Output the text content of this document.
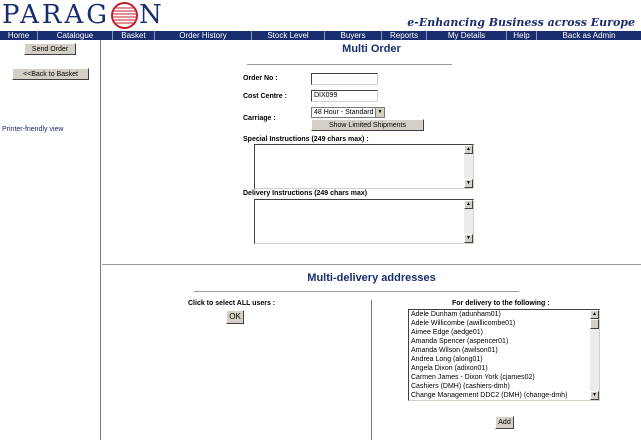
PARAG N	e-Enhancing Business across Europe
Home	Catalogue	Basket	Order History	Stock Level	Buyers	Reports	My Details	Help	Back as Admin
Send Order
<<Back to Basket
Printer-friendly view
Multi Order
Order No :
Cost Centre :	DIX099
Carriage :
48 Hour - Standard ▼
Show Limited Shipments
Special Instructions (249 chars max) :
▲
▼
Delivery Instructions (249 chars max)
▲
▼
Multi-delivery addresses
Click to select ALL users :
OK
For delivery to the following :
Adele Dunham (adunham01)
Adele Willicombe (awillicombe01)
Aimee Edge (aedge01)
Amanda Spencer (aspencer01)
Amanda Wilson (awilson01)
Andrea Long (along01)
Angela Dixon (adixon01)
Carmen James - Dixon York (cjames02)
Cashiers (DMH) (cashiers-dmh)
Change Management DDC2 (DMH) (change-dmh)
▲
▼
Add
